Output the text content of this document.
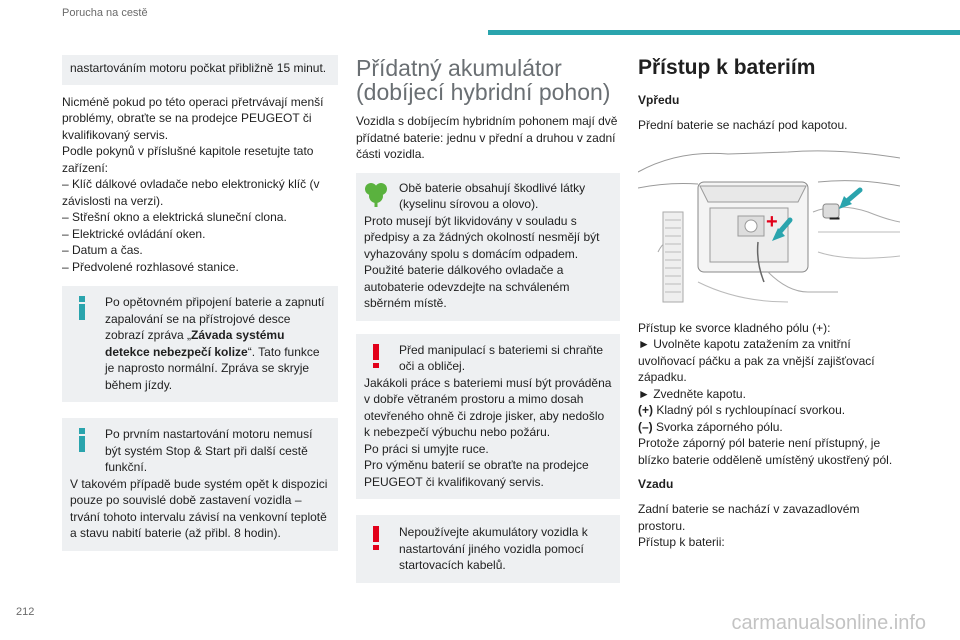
Porucha na cestě

nastartováním motoru počkat přibližně 15 minut.

Nicméně pokud po této operaci přetrvávají menší problémy, obraťte se na prodejce PEUGEOT či kvalifikovaný servis.

Podle pokynů v příslušné kapitole resetujte tato zařízení:

– Klíč dálkové ovladače nebo elektronický klíč (v závislosti na verzi).

– Střešní okno a elektrická sluneční clona.

– Elektrické ovládání oken.

– Datum a čas.

– Předvolené rozhlasové stanice.

Po opětovném připojení baterie a zapnutí zapalování se na přístrojové desce zobrazí zpráva „

Závada systému detekce nebezpečí kolize“. Tato funkce je naprosto normální. Zpráva se skryje během jízdy.

Po prvním nastartování motoru nemusí být systém Stop & Start při další cestě funkční.

V takovém případě bude systém opět k dispozici pouze po souvislé době zastavení vozidla – trvání tohoto intervalu závisí na venkovní teplotě a stavu nabití baterie (až přibl. 8 hodin).

Přídatný akumulátor (dobíjecí hybridní pohon)

Vozidla s dobíjecím hybridním pohonem mají dvě přídatné baterie: jednu v přední a druhou v zadní části vozidla.

Obě baterie obsahují škodlivé látky (kyselinu sírovou a olovo).

Proto musejí být likvidovány v souladu s předpisy a za žádných okolností nesmějí být vyhazovány spolu s domácím odpadem.

Použité baterie dálkového ovladače a autobaterie odevzdejte na schváleném sběrném místě.

Před manipulací s bateriemi si chraňte oči a obličej.

Jakákoli práce s bateriemi musí být prováděna v dobře větraném prostoru a mimo dosah otevřeného ohně či zdroje jisker, aby nedošlo k nebezpečí výbuchu nebo požáru.

Po práci si umyjte ruce.

Pro výměnu baterií se obraťte na prodejce PEUGEOT či kvalifikovaný servis.

Nepoužívejte akumulátory vozidla k nastartování jiného vozidla pomocí startovacích kabelů.

Přístup k bateriím

Vpředu

Přední baterie se nachází pod kapotou.

+	–

Přístup ke svorce kladného pólu (+):

► Uvolněte kapotu zatažením za vnitřní uvolňovací páčku a pak za vnější zajišťovací západku.

► Zvedněte kapotu.

(+) Kladný pól s rychloupínací svorkou.

(–) Svorka záporného pólu.

Protože záporný pól baterie není přístupný, je blízko baterie odděleně umístěný ukostřený pól.

Vzadu

Zadní baterie se nachází v zavazadlovém prostoru.

Přístup k baterii:

212	carmanualsonline.info
